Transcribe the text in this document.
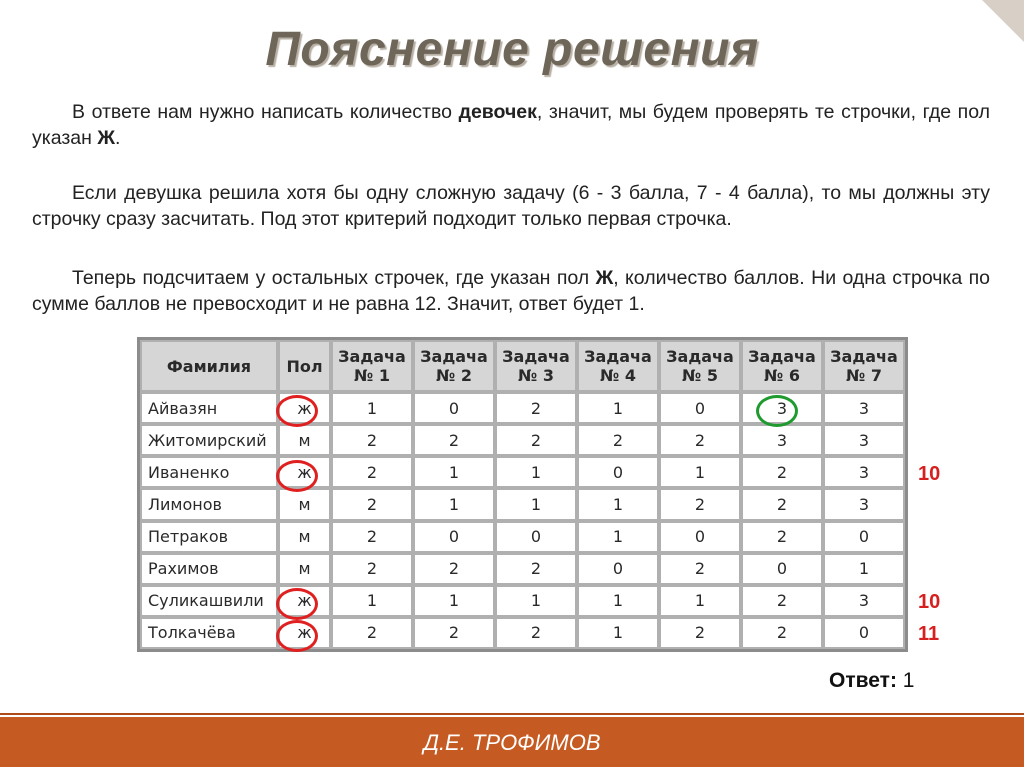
Пояснение решения
В ответе нам нужно написать количество девочек, значит, мы будем проверять те строчки, где пол указан Ж.
Если девушка решила хотя бы одну сложную задачу (6 - 3 балла, 7 - 4 балла), то мы должны эту строчку сразу засчитать. Под этот критерий подходит только первая строчка.
Теперь подсчитаем у остальных строчек, где указан пол Ж, количество баллов. Ни одна строчка по сумме баллов не превосходит и не равна 12. Значит, ответ будет 1.
Фамилия	Пол	Задача № 1	Задача № 2	Задача № 3	Задача № 4	Задача № 5	Задача № 6	Задача № 7
Айвазян	ж	1	0	2	1	0	3	3
Житомирский	м	2	2	2	2	2	3	3
Иваненко	ж	2	1	1	0	1	2	3
Лимонов	м	2	1	1	1	2	2	3
Петраков	м	2	0	0	1	0	2	0
Рахимов	м	2	2	2	0	2	0	1
Суликашвили	ж	1	1	1	1	1	2	3
Толкачёва	ж	2	2	2	1	2	2	0
10
10
11
Ответ: 1
Д.Е. ТРОФИМОВ
